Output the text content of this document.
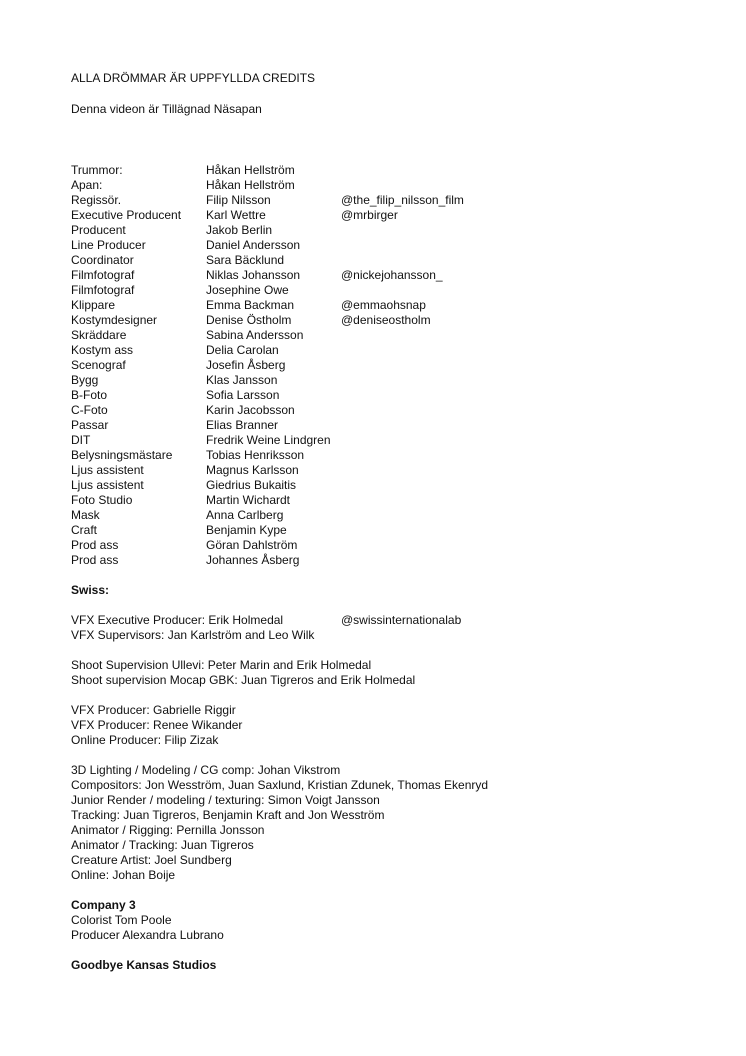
ALLA DRÖMMAR ÄR UPPFYLLDA CREDITS

Denna videon är Tillägnad Näsapan

Trummor:	Håkan Hellström
Apan:	Håkan Hellström
Regissör.	Filip Nilsson	@the_filip_nilsson_film
Executive Producent	Karl Wettre	@mrbirger
Producent	Jakob Berlin
Line Producer	Daniel Andersson
Coordinator	Sara Bäcklund
Filmfotograf	Niklas Johansson	@nickejohansson_
Filmfotograf	Josephine Owe
Klippare	Emma Backman	@emmaohsnap
Kostymdesigner	Denise Östholm	@deniseostholm
Skräddare	Sabina Andersson
Kostym ass	Delia Carolan
Scenograf	Josefin Åsberg
Bygg	Klas Jansson
B-Foto	Sofia Larsson
C-Foto	Karin Jacobsson
Passar	Elias Branner
DIT	Fredrik Weine Lindgren
Belysningsmästare	Tobias Henriksson
Ljus assistent	Magnus Karlsson
Ljus assistent	Giedrius Bukaitis
Foto Studio	Martin Wichardt
Mask	Anna Carlberg
Craft	Benjamin Kype
Prod ass	Göran Dahlström
Prod ass	Johannes Åsberg

Swiss:

VFX Executive Producer: Erik Holmedal	@swissinternationalab

VFX Supervisors: Jan Karlström and Leo Wilk

Shoot Supervision Ullevi: Peter Marin and Erik Holmedal

Shoot supervision Mocap GBK: Juan Tigreros and Erik Holmedal

VFX Producer: Gabrielle Riggir

VFX Producer: Renee Wikander

Online Producer: Filip Zizak

3D Lighting / Modeling / CG comp: Johan Vikstrom

Compositors: Jon Wesström, Juan Saxlund, Kristian Zdunek, Thomas Ekenryd

Junior Render / modeling / texturing: Simon Voigt Jansson

Tracking: Juan Tigreros, Benjamin Kraft and Jon Wesström

Animator / Rigging: Pernilla Jonsson

Animator / Tracking: Juan Tigreros

Creature Artist: Joel Sundberg

Online: Johan Boije

Company 3

Colorist Tom Poole

Producer Alexandra Lubrano

Goodbye Kansas Studios
